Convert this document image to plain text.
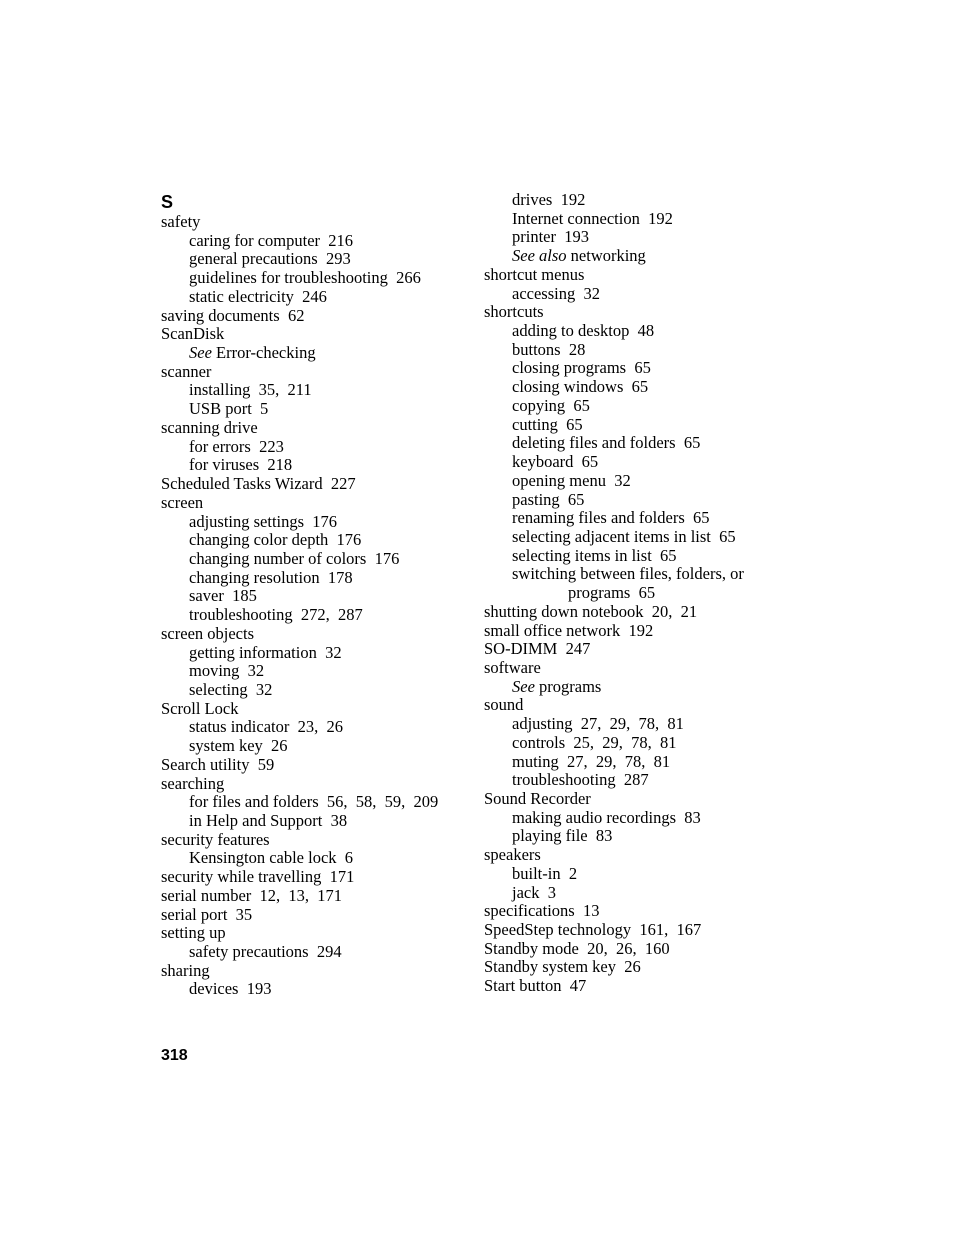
S
safety
caring for computer  216
general precautions  293
guidelines for troubleshooting  266
static electricity  246
saving documents  62
ScanDisk
See Error-checking
scanner
installing  35,  211
USB port  5
scanning drive
for errors  223
for viruses  218
Scheduled Tasks Wizard  227
screen
adjusting settings  176
changing color depth  176
changing number of colors  176
changing resolution  178
saver  185
troubleshooting  272,  287
screen objects
getting information  32
moving  32
selecting  32
Scroll Lock
status indicator  23,  26
system key  26
Search utility  59
searching
for files and folders  56,  58,  59,  209
in Help and Support  38
security features
Kensington cable lock  6
security while travelling  171
serial number  12,  13,  171
serial port  35
setting up
safety precautions  294
sharing
devices  193
drives  192
Internet connection  192
printer  193
See also networking
shortcut menus
accessing  32
shortcuts
adding to desktop  48
buttons  28
closing programs  65
closing windows  65
copying  65
cutting  65
deleting files and folders  65
keyboard  65
opening menu  32
pasting  65
renaming files and folders  65
selecting adjacent items in list  65
selecting items in list  65
switching between files, folders, or
programs  65
shutting down notebook  20,  21
small office network  192
SO-DIMM  247
software
See programs
sound
adjusting  27,  29,  78,  81
controls  25,  29,  78,  81
muting  27,  29,  78,  81
troubleshooting  287
Sound Recorder
making audio recordings  83
playing file  83
speakers
built-in  2
jack  3
specifications  13
SpeedStep technology  161,  167
Standby mode  20,  26,  160
Standby system key  26
Start button  47
318
